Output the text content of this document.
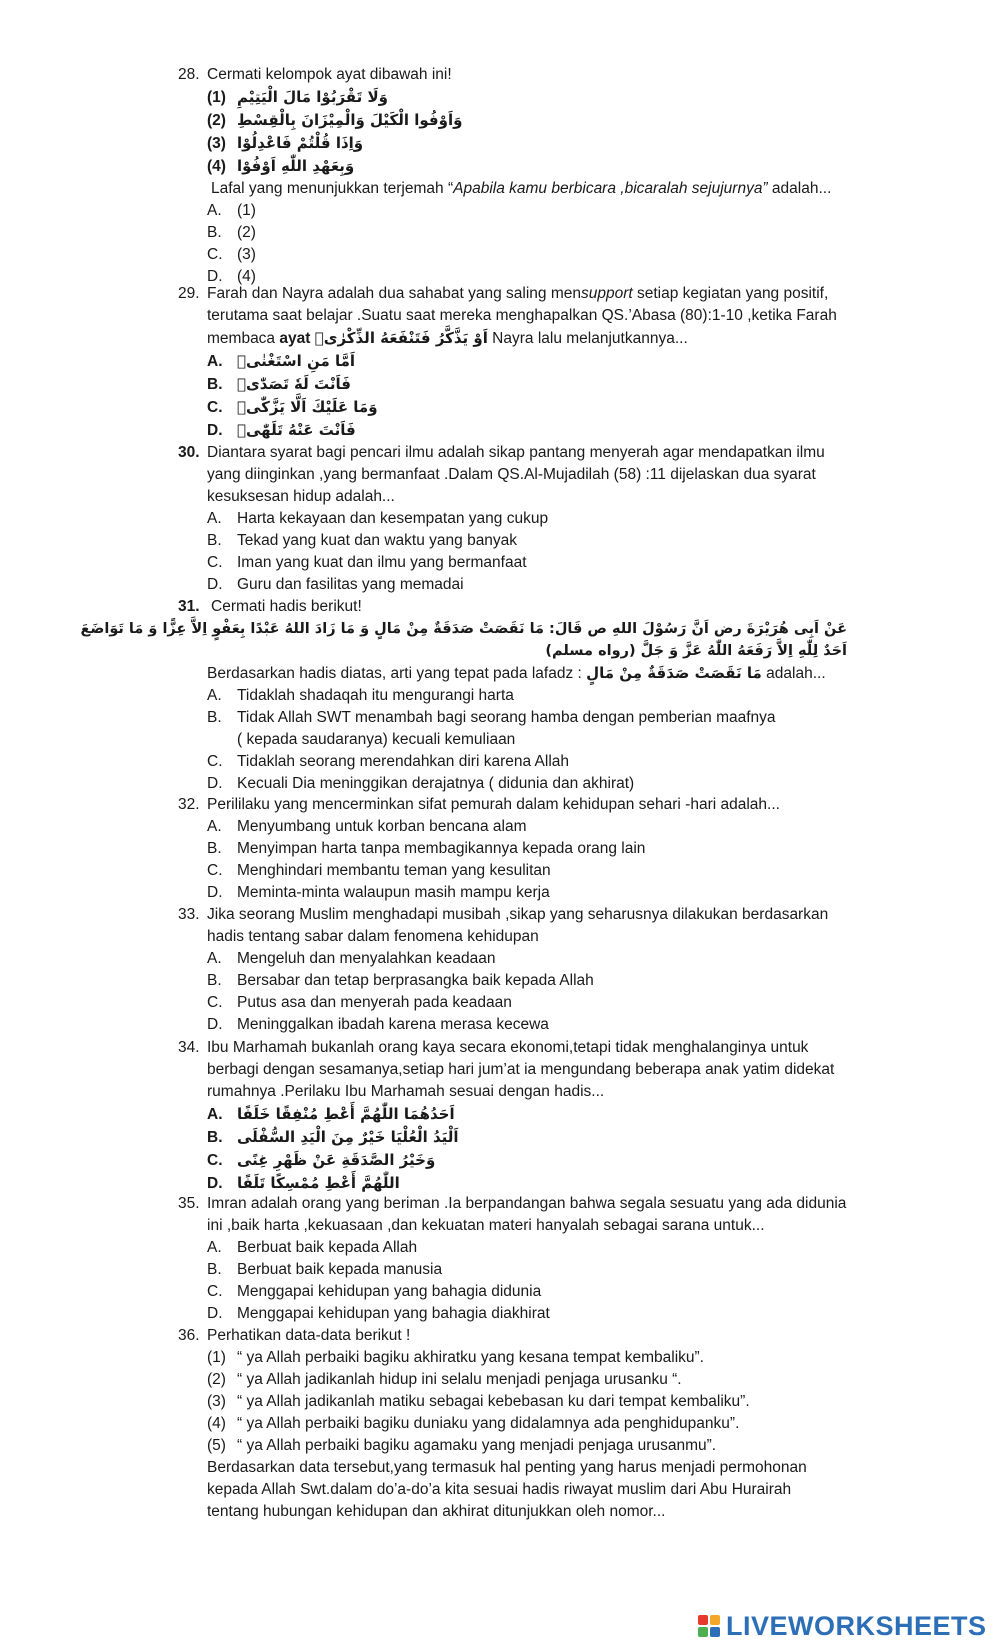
28. Cermati kelompok ayat dibawah ini!
(1) وَلَا تَقْرَبُوْا مَالَ الْيَتِيْمِ
(2) وَاَوْفُوا الْكَيْلَ وَالْمِيْزَانَ بِالْقِسْطِ
(3) وَاِذَا قُلْتُمْ فَاعْدِلُوْا
(4) وَبِعَهْدِ اللّٰهِ اَوْفُوْا
Lafal yang menunjukkan terjemah “Apabila kamu berbicara ,bicaralah sejujurnya” adalah...
A. (1)
B. (2)
C. (3)
D. (4)
29. Farah dan Nayra adalah dua sahabat yang saling mensupport setiap kegiatan yang positif,
terutama saat belajar .Suatu saat mereka menghapalkan QS.’Abasa (80):1-10 ,ketika Farah
membaca ayat اَوْ يَذَّكَّرُ فَتَنْفَعَهُ الذِّكْرٰىۗ Nayra lalu melanjutkannya...
A. اَمَّا مَنِ اسْتَغْنٰىۙ
B. فَاَنْتَ لَهٗ تَصَدّٰىۗ
C. وَمَا عَلَيْكَ اَلَّا يَزَّكّٰىۗ
D. فَاَنْتَ عَنْهُ تَلَهّٰىۚ
30. Diantara syarat bagi pencari ilmu adalah sikap pantang menyerah agar mendapatkan ilmu
yang diinginkan ,yang bermanfaat .Dalam QS.Al-Mujadilah (58) :11 dijelaskan dua syarat
kesuksesan hidup adalah...
A. Harta kekayaan dan kesempatan yang cukup
B. Tekad yang kuat dan waktu yang banyak
C. Iman yang kuat dan ilmu yang bermanfaat
D. Guru dan fasilitas yang memadai
31. Cermati hadis berikut!
عَنْ اَبِى هُرَيْرَةَ رض اَنَّ رَسُوْلَ اللهِ ص قَالَ: مَا نَقَصَتْ صَدَقَةٌ مِنْ مَالٍ وَ مَا زَادَ اللهُ عَبْدًا بِعَفْوٍ اِلاَّ عِزًّا وَ مَا تَوَاضَعَ
اَحَدٌ لِلّٰهِ اِلاَّ رَفَعَهُ اللّٰهُ عَزَّ وَ جَلَّ (رواه مسلم)
Berdasarkan hadis diatas, arti yang tepat pada lafadz : مَا نَقَصَتْ صَدَقَةٌ مِنْ مَالٍ adalah...
A. Tidaklah shadaqah itu mengurangi harta
B. Tidak Allah SWT menambah bagi seorang hamba dengan pemberian maafnya
( kepada saudaranya) kecuali kemuliaan
C. Tidaklah seorang merendahkan diri karena Allah
D. Kecuali Dia meninggikan derajatnya ( didunia dan akhirat)
32. Perililaku yang mencerminkan sifat pemurah dalam kehidupan sehari -hari adalah...
A. Menyumbang untuk korban bencana alam
B. Menyimpan harta tanpa membagikannya kepada orang lain
C. Menghindari membantu teman yang kesulitan
D. Meminta-minta walaupun masih mampu kerja
33. Jika seorang Muslim menghadapi musibah ,sikap yang seharusnya dilakukan berdasarkan
hadis tentang sabar dalam fenomena kehidupan
A. Mengeluh dan menyalahkan keadaan
B. Bersabar dan tetap berprasangka baik kepada Allah
C. Putus asa dan menyerah pada keadaan
D. Meninggalkan ibadah karena merasa kecewa
34. Ibu Marhamah bukanlah orang kaya secara ekonomi,tetapi tidak menghalanginya untuk
berbagi dengan sesamanya,setiap hari jum’at ia mengundang beberapa anak yatim didekat
rumahnya .Perilaku Ibu Marhamah sesuai dengan hadis...
A. اَحَدُهُمَا اللّٰهُمَّ أَعْطِ مُنْفِقًا خَلَفًا
B. اَلْيَدُ الْعُلْيَا خَيْرٌ مِنَ الْيَدِ السُّفْلَى
C. وَخَيْرُ الصَّدَقَةِ عَنْ ظَهْرِ غِنًى
D. اللّٰهُمَّ أَعْطِ مُمْسِكًا تَلَفًا
35. Imran adalah orang yang beriman .Ia berpandangan bahwa segala sesuatu yang ada didunia
ini ,baik harta ,kekuasaan ,dan kekuatan materi hanyalah sebagai sarana untuk...
A. Berbuat baik kepada Allah
B. Berbuat baik kepada manusia
C. Menggapai kehidupan yang bahagia didunia
D. Menggapai kehidupan yang bahagia diakhirat
36. Perhatikan data-data berikut !
(1) “ ya Allah perbaiki bagiku akhiratku yang kesana tempat kembaliku”.
(2) “ ya Allah jadikanlah hidup ini selalu menjadi penjaga urusanku “.
(3) “ ya Allah jadikanlah matiku sebagai kebebasan ku dari tempat kembaliku”.
(4) “ ya Allah perbaiki bagiku duniaku yang didalamnya ada penghidupanku”.
(5) “ ya Allah perbaiki bagiku agamaku yang menjadi penjaga urusanmu”.
Berdasarkan data tersebut,yang termasuk hal penting yang harus menjadi permohonan
kepada Allah Swt.dalam do’a-do’a kita sesuai hadis riwayat muslim dari Abu Hurairah
tentang hubungan kehidupan dan akhirat ditunjukkan oleh nomor...
LIVEWORKSHEETS
